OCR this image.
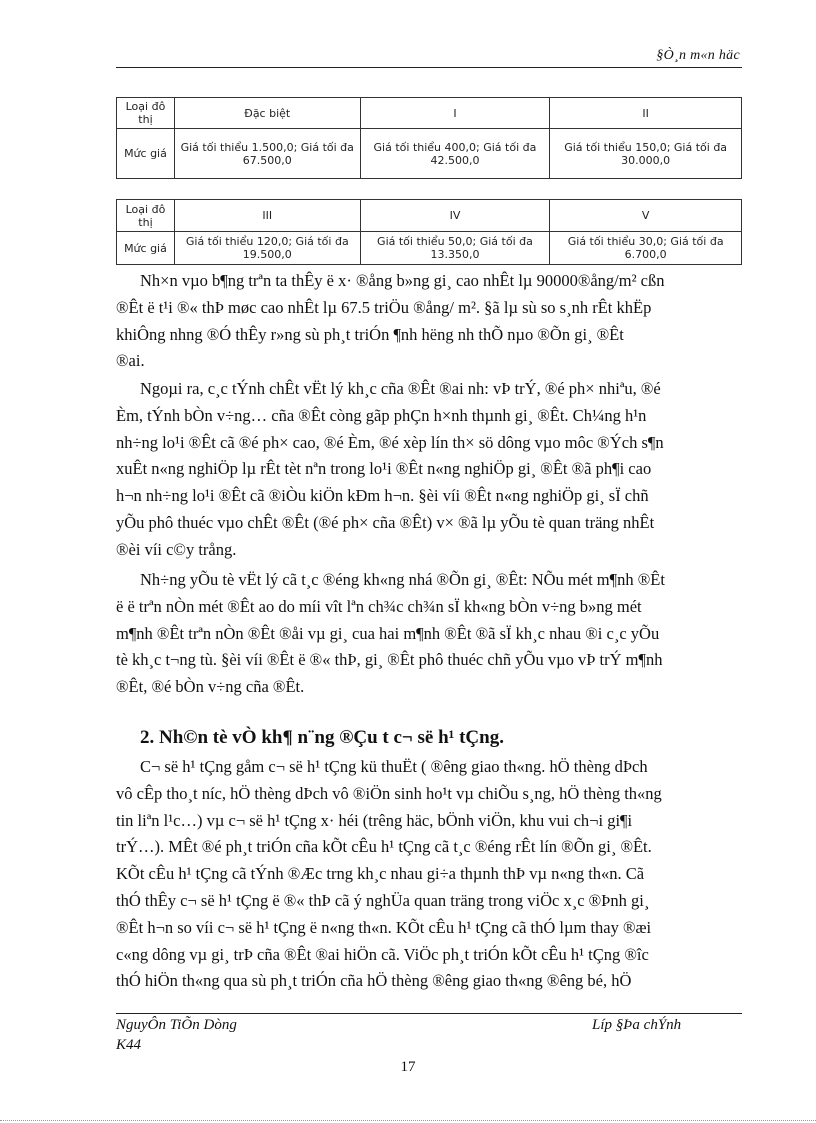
§Ò¸n m«n häc
Loại đô thị	Đặc biệt	I	II
Mức giá	Giá tối thiểu 1.500,0; Giá tối đa 67.500,0	Giá tối thiểu 400,0; Giá tối đa 42.500,0	Giá tối thiểu 150,0; Giá tối đa 30.000,0
Loại đô thị	III	IV	V
Mức giá	Giá tối thiểu 120,0; Giá tối đa 19.500,0	Giá tối thiểu 50,0; Giá tối đa 13.350,0	Giá tối thiểu 30,0; Giá tối đa 6.700,0
Nh×n vµo b¶ng trªn ta thÊy ë x· ®ång b»ng gi¸ cao nhÊt lµ 90000®ång/m² cßn
®Êt ë t¹i ®« thÞ møc cao nhÊt lµ 67.5 triÖu ®ång/ m². §ã lµ sù so s¸nh rÊt khËp
khiÔng nhng ®Ó thÊy r»ng sù ph¸t triÓn ¶nh hëng nh thÕ nµo ®Õn gi¸ ®Êt
®ai.
Ngoµi ra, c¸c tÝnh chÊt vËt lý kh¸c cña ®Êt ®ai nh: vÞ trÝ, ®é ph× nhiªu, ®é
Èm, tÝnh bÒn v÷ng… cña ®Êt còng gãp phÇn h×nh thµnh gi¸ ®Êt. Ch¼ng h¹n
nh÷ng lo¹i ®Êt cã ®é ph× cao, ®é Èm, ®é xèp lín th× sö dông vµo môc ®Ých s¶n
xuÊt n«ng nghiÖp lµ rÊt tèt nªn trong lo¹i ®Êt n«ng nghiÖp gi¸ ®Êt ®ã ph¶i cao
h¬n nh÷ng lo¹i ®Êt cã ®iÒu kiÖn kÐm h¬n. §èi víi ®Êt n«ng nghiÖp gi¸ sÏ chñ
yÕu phô thuéc vµo chÊt ®Êt (®é ph× cña ®Êt) v× ®ã lµ yÕu tè quan träng nhÊt
®èi víi c©y trång.
Nh÷ng yÕu tè vËt lý cã t¸c ®éng kh«ng nhá ®Õn gi¸ ®Êt: NÕu mét m¶nh ®Êt
ë ë trªn nÒn mét ®Êt ao do míi vît lªn ch¾c ch¾n sÏ kh«ng bÒn v÷ng b»ng mét
m¶nh ®Êt trªn nÒn ®Êt ®åi vµ gi¸ cua hai m¶nh ®Êt ®ã sÏ kh¸c nhau ®i c¸c yÕu
tè kh¸c t¬ng tù. §èi víi ®Êt ë ®« thÞ, gi¸ ®Êt phô thuéc chñ yÕu vµo vÞ trÝ m¶nh
®Êt, ®é bÒn v÷ng cña ®Êt.
2. Nh©n tè vÒ kh¶ n¨ng ®Çu t c¬ së h¹ tÇng.
C¬ së h¹ tÇng gåm c¬ së h¹ tÇng kü thuËt ( ®êng giao th«ng. hÖ thèng dÞch
vô cÊp tho¸t níc, hÖ thèng dÞch vô ®iÖn sinh ho¹t vµ chiÕu s¸ng, hÖ thèng th«ng
tin liªn l¹c…) vµ c¬ së h¹ tÇng x· héi (trêng häc, bÖnh viÖn, khu vui ch¬i gi¶i
trÝ…). MÊt ®é ph¸t triÓn cña kÕt cÊu h¹ tÇng cã t¸c ®éng rÊt lín ®Õn gi¸ ®Êt.
KÕt cÊu h¹ tÇng cã tÝnh ®Æc trng kh¸c nhau gi÷a thµnh thÞ vµ n«ng th«n. Cã
thÓ thÊy c¬ së h¹ tÇng ë ®« thÞ cã ý nghÜa quan träng trong viÖc x¸c ®Þnh gi¸
®Êt h¬n so víi c¬ së h¹ tÇng ë n«ng th«n. KÕt cÊu h¹ tÇng cã thÓ lµm thay ®æi
c«ng dông vµ gi¸ trÞ cña ®Êt ®ai hiÖn cã. ViÖc ph¸t triÓn kÕt cÊu h¹ tÇng ®îc
thÓ hiÖn th«ng qua sù ph¸t triÓn cña hÖ thèng ®êng giao th«ng ®êng bé, hÖ
NguyÔn TiÕn Dòng	Líp §Þa chÝnh
K44
17
